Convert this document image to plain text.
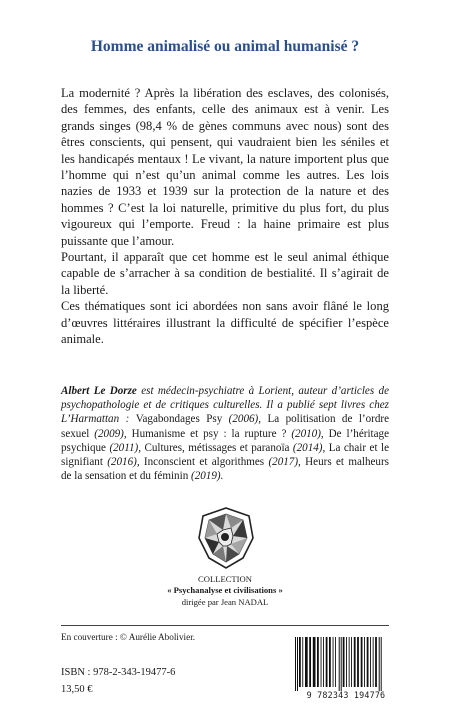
Homme animalisé ou animal humanisé ?

La modernité ? Après la libération des esclaves, des colonisés, des femmes, des enfants, celle des animaux est à venir. Les grands singes (98,4 % de gènes communs avec nous) sont des êtres conscients, qui pensent, qui vaudraient bien les séniles et les handicapés mentaux ! Le vivant, la nature importent plus que l’homme qui n’est qu’un animal comme les autres. Les lois nazies de 1933 et 1939 sur la protection de la nature et des hommes ? C’est la loi naturelle, primitive du plus fort, du plus vigoureux qui l’emporte. Freud : la haine primaire est plus puissante que l’amour.

Pourtant, il apparaît que cet homme est le seul animal éthique capable de s’arracher à sa condition de bestialité. Il s’agirait de la liberté.

Ces thématiques sont ici abordées non sans avoir flâné le long d’œuvres littéraires illustrant la difficulté de spécifier l’espèce animale.

Albert Le Dorze est médecin-psychiatre à Lorient, auteur d’articles de psychopathologie et de critiques culturelles. Il a publié sept livres chez L’Harmattan : Vagabondages Psy (2006), La politisation de l’ordre sexuel (2009), Humanisme et psy : la rupture ? (2010), De l’héritage psychique (2011), Cultures, métissages et paranoïa (2014), La chair et le signifiant (2016), Inconscient et algorithmes (2017), Heurs et malheurs de la sensation et du féminin (2019).
COLLECTION
« Psychanalyse et civilisations »
dirigée par Jean NADAL
En couverture : © Aurélie Abolivier.
ISBN : 978-2-343-19477-6
13,50 €	9 782343 194776
